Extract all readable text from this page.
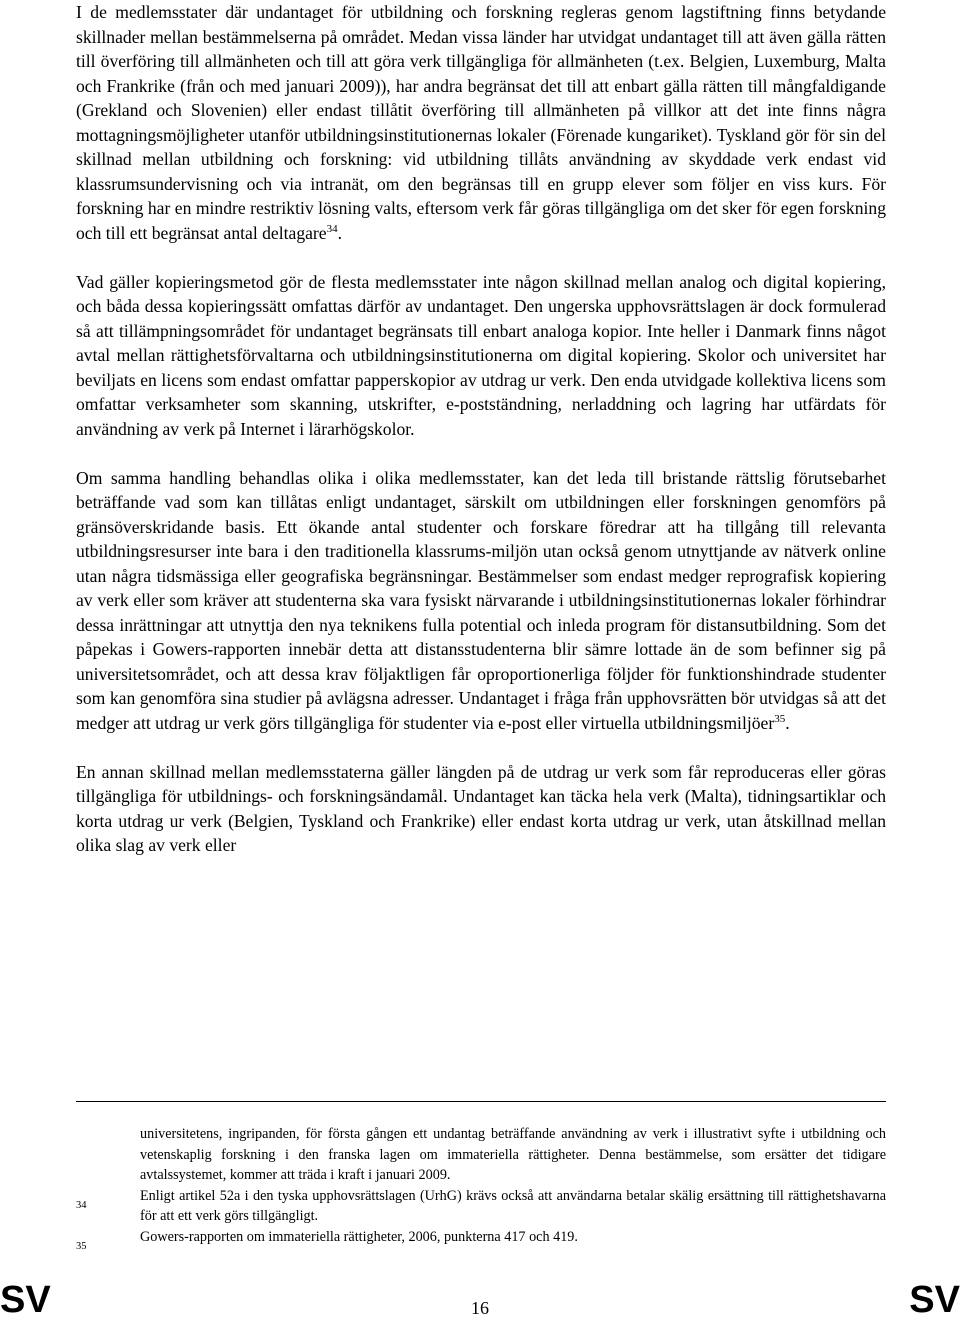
I de medlemsstater där undantaget för utbildning och forskning regleras genom lagstiftning finns betydande skillnader mellan bestämmelserna på området. Medan vissa länder har utvidgat undantaget till att även gälla rätten till överföring till allmänheten och till att göra verk tillgängliga för allmänheten (t.ex. Belgien, Luxemburg, Malta och Frankrike (från och med januari 2009)), har andra begränsat det till att enbart gälla rätten till mångfaldigande (Grekland och Slovenien) eller endast tillåtit överföring till allmänheten på villkor att det inte finns några mottagningsmöjligheter utanför utbildningsinstitutionernas lokaler (Förenade kungariket). Tyskland gör för sin del skillnad mellan utbildning och forskning: vid utbildning tillåts användning av skyddade verk endast vid klassrumsundervisning och via intranät, om den begränsas till en grupp elever som följer en viss kurs. För forskning har en mindre restriktiv lösning valts, eftersom verk får göras tillgängliga om det sker för egen forskning och till ett begränsat antal deltagare$^{34}$.

Vad gäller kopieringsmetod gör de flesta medlemsstater inte någon skillnad mellan analog och digital kopiering, och båda dessa kopieringssätt omfattas därför av undantaget. Den ungerska upphovsrättslagen är dock formulerad så att tillämpningsområdet för undantaget begränsats till enbart analoga kopior. Inte heller i Danmark finns något avtal mellan rättighetsförvaltarna och utbildningsinstitutionerna om digital kopiering. Skolor och universitet har beviljats en licens som endast omfattar papperskopior av utdrag ur verk. Den enda utvidgade kollektiva licens som omfattar verksamheter som skanning, utskrifter, e-postständning, nerladdning och lagring har utfärdats för användning av verk på Internet i lärarhögskolor.

Om samma handling behandlas olika i olika medlemsstater, kan det leda till bristande rättslig förutsebarhet beträffande vad som kan tillåtas enligt undantaget, särskilt om utbildningen eller forskningen genomförs på gränsöverskridande basis. Ett ökande antal studenter och forskare föredrar att ha tillgång till relevanta utbildningsresurser inte bara i den traditionella klassrums-miljön utan också genom utnyttjande av nätverk online utan några tidsmässiga eller geografiska begränsningar. Bestämmelser som endast medger reprografisk kopiering av verk eller som kräver att studenterna ska vara fysiskt närvarande i utbildningsinstitutionernas lokaler förhindrar dessa inrättningar att utnyttja den nya teknikens fulla potential och inleda program för distansutbildning. Som det påpekas i Gowers-rapporten innebär detta att distansstudenterna blir sämre lottade än de som befinner sig på universitetsområdet, och att dessa krav följaktligen får oproportionerliga följder för funktionshindrade studenter som kan genomföra sina studier på avlägsna adresser. Undantaget i fråga från upphovsrätten bör utvidgas så att det medger att utdrag ur verk görs tillgängliga för studenter via e-post eller virtuella utbildningsmiljöer$^{35}$.

En annan skillnad mellan medlemsstaterna gäller längden på de utdrag ur verk som får reproduceras eller göras tillgängliga för utbildnings- och forskningsändamål. Undantaget kan täcka hela verk (Malta), tidningsartiklar och korta utdrag ur verk (Belgien, Tyskland och Frankrike) eller endast korta utdrag ur verk, utan åtskillnad mellan olika slag av verk eller

universitetens, ingripanden, för första gången ett undantag beträffande användning av verk i illustrativt syfte i utbildning och vetenskaplig forskning i den franska lagen om immateriella rättigheter. Denna bestämmelse, som ersätter det tidigare avtalssystemet, kommer att träda i kraft i januari 2009.

34
Enligt artikel 52a i den tyska upphovsrättslagen (UrhG) krävs också att användarna betalar skälig ersättning till rättighetshavarna för att ett verk görs tillgängligt.
35
Gowers-rapporten om immateriella rättigheter, 2006, punkterna 417 och 419.
SV	16	SV
